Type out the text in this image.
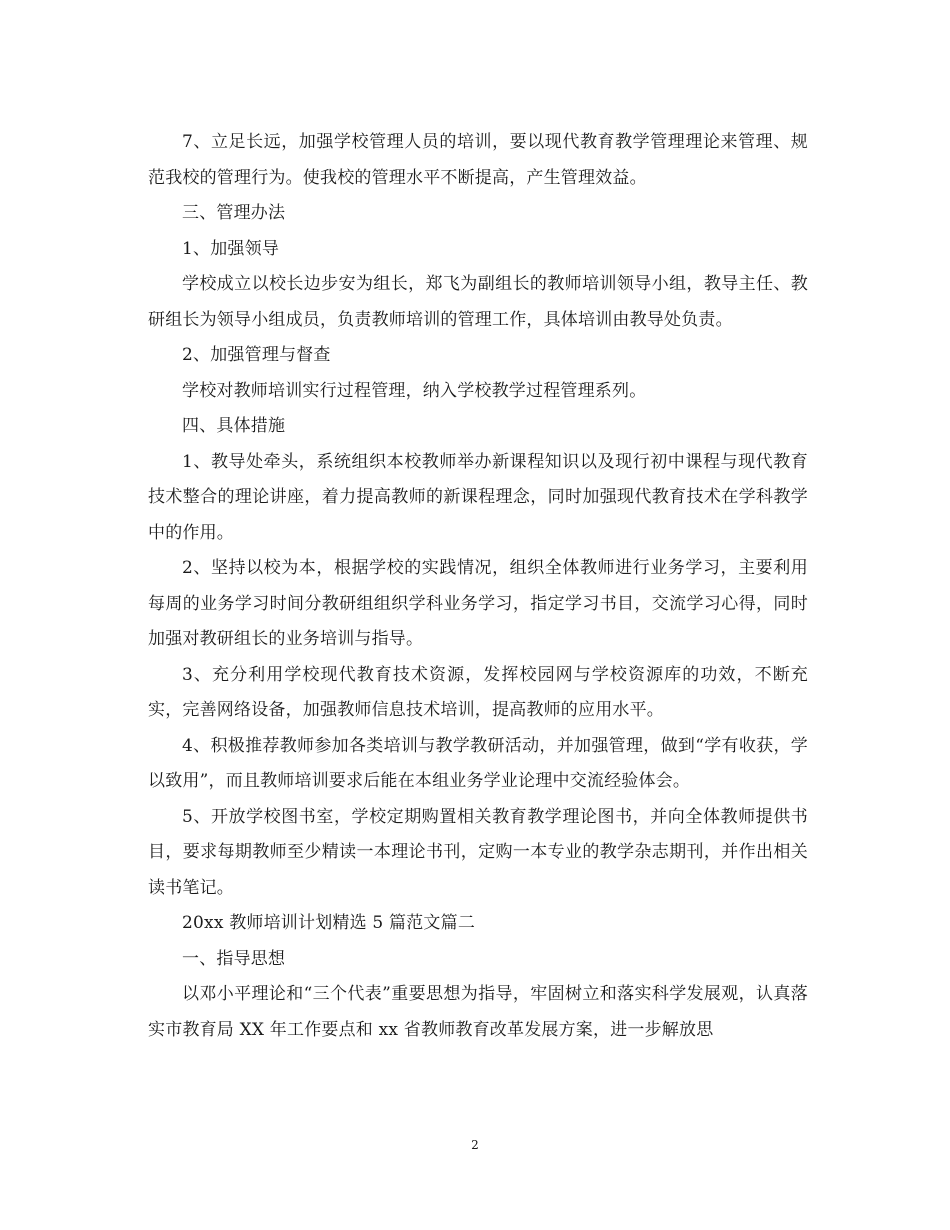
7、立足长远，加强学校管理人员的培训，要以现代教育教学管理理论来管理、规范我校的管理行为。使我校的管理水平不断提高，产生管理效益。

三、管理办法

1、加强领导

学校成立以校长边步安为组长，郑飞为副组长的教师培训领导小组，教导主任、教研组长为领导小组成员，负责教师培训的管理工作，具体培训由教导处负责。

2、加强管理与督查

学校对教师培训实行过程管理，纳入学校教学过程管理系列。

四、具体措施

1、教导处牵头，系统组织本校教师举办新课程知识以及现行初中课程与现代教育技术整合的理论讲座，着力提高教师的新课程理念，同时加强现代教育技术在学科教学中的作用。

2、坚持以校为本，根据学校的实践情况，组织全体教师进行业务学习，主要利用每周的业务学习时间分教研组组织学科业务学习，指定学习书目，交流学习心得，同时加强对教研组长的业务培训与指导。

3、充分利用学校现代教育技术资源，发挥校园网与学校资源库的功效，不断充实，完善网络设备，加强教师信息技术培训，提高教师的应用水平。

4、积极推荐教师参加各类培训与教学教研活动，并加强管理，做到“学有收获，学以致用”，而且教师培训要求后能在本组业务学业论理中交流经验体会。

5、开放学校图书室，学校定期购置相关教育教学理论图书，并向全体教师提供书目，要求每期教师至少精读一本理论书刊，定购一本专业的教学杂志期刊，并作出相关读书笔记。

20xx 教师培训计划精选 5 篇范文篇二

一、指导思想

以邓小平理论和“三个代表”重要思想为指导，牢固树立和落实科学发展观，认真落实市教育局 XX 年工作要点和 xx 省教师教育改革发展方案，进一步解放思

2
